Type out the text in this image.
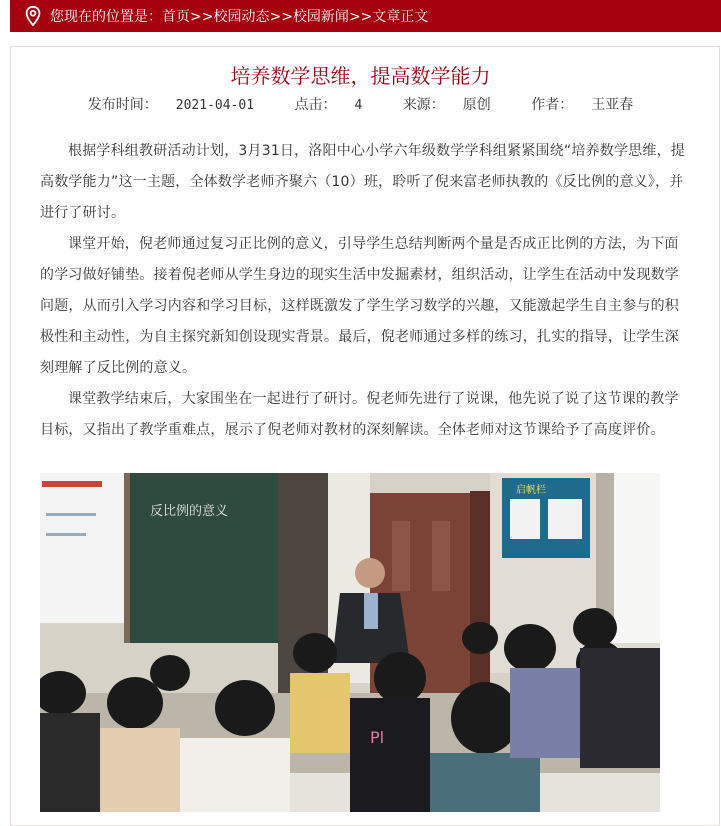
您现在的位置是：首页>>校园动态>>校园新闻>>文章正文
培养数学思维，提高数学能力
发布时间： 2021-04-01	点击： 4	来源： 原创	作者： 王亚春

根据学科组教研活动计划，3月31日，洛阳中心小学六年级数学学科组紧紧围绕“培养数学思维，提高数学能力”这一主题，全体数学老师齐聚六（10）班，聆听了倪来富老师执教的《反比例的意义》，并进行了研讨。

课堂开始，倪老师通过复习正比例的意义，引导学生总结判断两个量是否成正比例的方法，为下面的学习做好铺垫。接着倪老师从学生身边的现实生活中发掘素材，组织活动，让学生在活动中发现数学问题，从而引入学习内容和学习目标，这样既激发了学生学习数学的兴趣，又能激起学生自主参与的积极性和主动性，为自主探究新知创设现实背景。最后，倪老师通过多样的练习，扎实的指导，让学生深刻理解了反比例的意义。

课堂教学结束后，大家围坐在一起进行了研讨。倪老师先进行了说课，他先说了说了这节课的教学目标，又指出了教学重难点，展示了倪老师对教材的深刻解读。全体老师对这节课给予了高度评价。

反比例的意义
启帆栏
Pl
